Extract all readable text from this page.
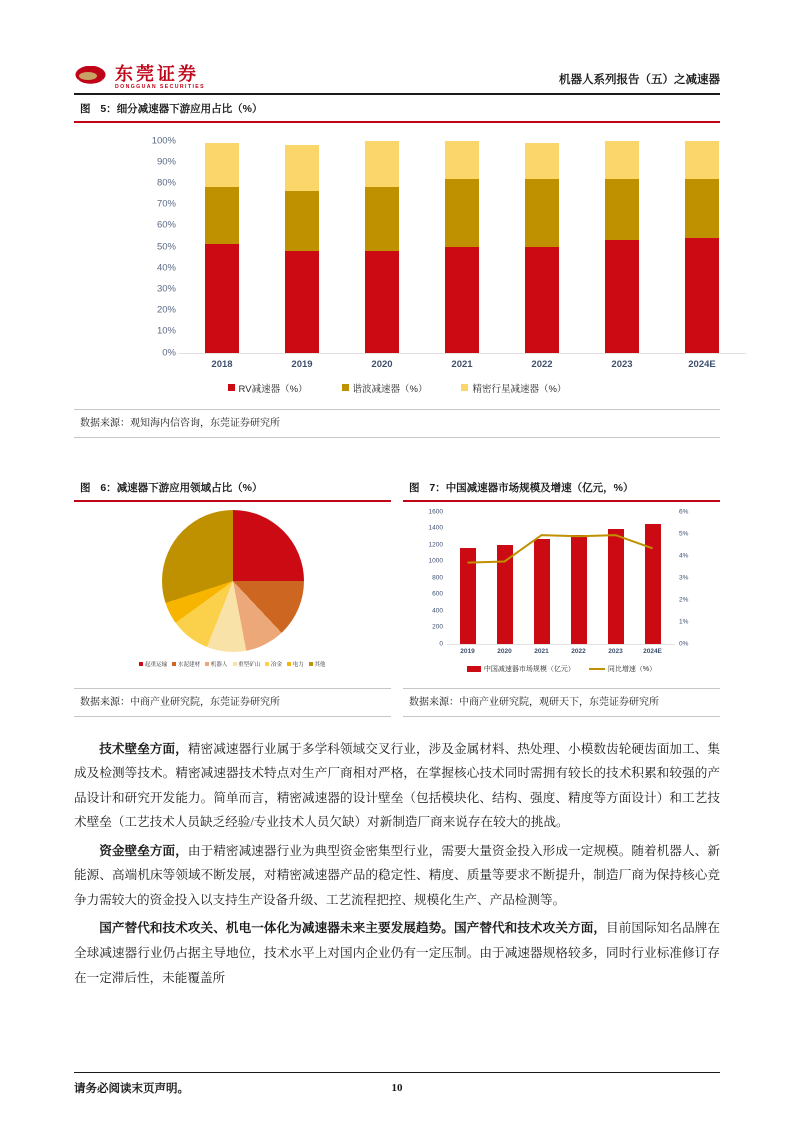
东莞证券
DONGGUAN SECURITIES
机器人系列报告（五）之减速器
图 5：细分减速器下游应用占比（%）
100%
90%
80%
70%
60%
50%
40%
30%
20%
10%
0%
2018	2019	2020	2021	2022	2023	2024E
RV减速器（%）	谐波减速器（%）	精密行星减速器（%）
数据来源：观知海内信咨询，东莞证券研究所
图 6：减速器下游应用领域占比（%）
起重运输 水泥建材 机器人 重型矿山 冶金 电力 其他
数据来源：中商产业研究院，东莞证券研究所
图 7：中国减速器市场规模及增速（亿元，%）
0
200
400
600
800
1000
1200
1400
1600
0%
1%
2%
3%
4%
5%
6%
2019	2020	2021	2022	2023	2024E
中国减速器市场规模（亿元）	同比增速（%）
数据来源：中商产业研究院，观研天下，东莞证券研究所

技术壁垒方面，精密减速器行业属于多学科领域交叉行业，涉及金属材料、热处理、小模数齿轮硬齿面加工、集成及检测等技术。精密减速器技术特点对生产厂商相对严格，在掌握核心技术同时需拥有较长的技术积累和较强的产品设计和研究开发能力。简单而言，精密减速器的设计壁垒（包括模块化、结构、强度、精度等方面设计）和工艺技术壁垒（工艺技术人员缺乏经验/专业技术人员欠缺）对新制造厂商来说存在较大的挑战。

资金壁垒方面，由于精密减速器行业为典型资金密集型行业，需要大量资金投入形成一定规模。随着机器人、新能源、高端机床等领域不断发展，对精密减速器产品的稳定性、精度、质量等要求不断提升，制造厂商为保持核心竞争力需较大的资金投入以支持生产设备升级、工艺流程把控、规模化生产、产品检测等。

国产替代和技术攻关、机电一体化为减速器未来主要发展趋势。国产替代和技术攻关方面，目前国际知名品牌在全球减速器行业仍占据主导地位，技术水平上对国内企业仍有一定压制。由于减速器规格较多，同时行业标准修订存在一定滞后性，未能覆盖所

请务必阅读末页声明。	10
